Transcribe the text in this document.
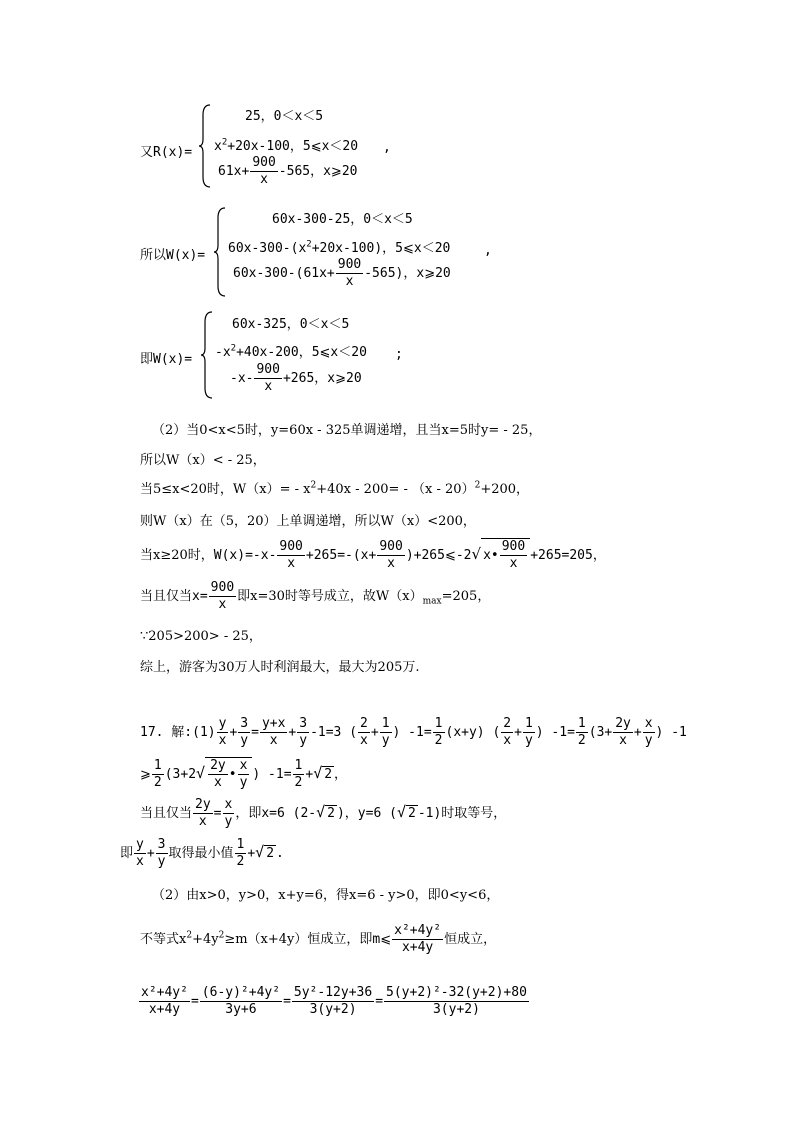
又R(x)=
25，0＜x＜5
$x^2+20x-100$，5⩽x＜20 ,
$61x+ \frac{900}{x} -565$，x⩾20
所以W(x)=
60x-300-25，0＜x＜5
$60x-300-(x^2+20x-100)$，5⩽x＜20	,
$60x-300-(61x+ \frac{900}{x} -565)$，x⩾20
即W(x)=
60x-325，0＜x＜5
$-x^2+40x-200$，5⩽x＜20 ;
$-x- \frac{900}{x} +265$，x⩾20
（2）当0<x<5时，y=60x - 325单调递增，且当x=5时y= - 25，
所以W（x）< - 25，
当5≤x<20时，$W(x)= - x^2+40x - 200= - (x - 20)^2+200$，
则W（x）在（5，20）上单调递增，所以W（x）<200，
当x≥20时，$W(x)=-x- \frac{900}{x} +265=-(x+ \frac{900}{x}$ )+265⩽-2√ x• $\frac{900}{x} +265=205$，
当且仅当$x= \frac{900}{x}$ 即x=30时等号成立，故$W(x)_{max}=205$，
∵205>200> - 25，
综上，游客为30万人时利润最大，最大为205万.
17. 解:(1) $\frac{y}{x} + \frac{3}{y} = \frac{y+x}{x} + \frac{3}{y} -1=3$ ( $\frac{2}{x} + \frac{1}{y}$ ) $-1= \frac{1}{2} (x+y)$ ( $\frac{2}{x} + \frac{1}{y}$ ) $-1= \frac{1}{2} (3+ \frac{2y}{x} + \frac{x}{y}$ ) -1
⩾ $\frac{1}{2} (3+2√ \frac{2y}{x}$ • $\frac{x}{y}$ ) $-1= \frac{1}{2}$ +√ 2 ，
当且仅当 $\frac{2y}{x} = \frac{x}{y}$ ，即x=6 (2-√ 2 )，y=6 (√ 2 -1)时取等号，
即 $\frac{y}{x} + \frac{3}{y}$ 取得最小值 $\frac{1}{2}$ +√ 2 .
（2）由x>0，y>0，x+y=6，得x=6 - y>0，即0<y<6，
不等式$x^2+4y^2\ge m(x+4y)$恒成立，即m⩽ $\frac{\text{x²+4y²}}{x+4y}$ 恒成立，
$\frac{\text{x²+4y²}}{x+4y} = \frac{\text{(6-y)²+4y²}}{3y+6} = \frac{\text{5y²-12y+36}}{3(y+2)} = \frac{\text{5(y+2)²-32(y+2)+80}}{3(y+2)}$
